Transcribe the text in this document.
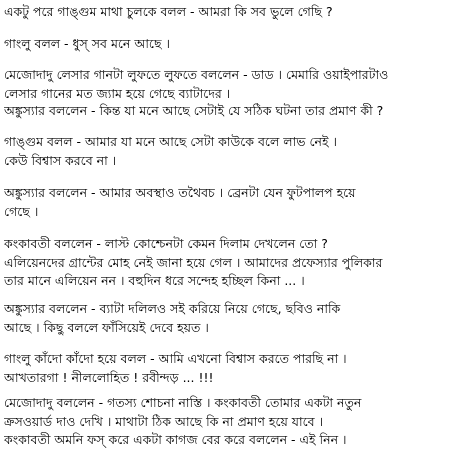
একটু পরে গাঙ্গুম মাথা চুলকে বলল - আমরা কি সব ভুলে গেছি ?
গাংলু বলল - ধুস্ সব মনে আছে ।
মেজোদাদু লেসার গানটা লুফতে লুফতে বললেন - ডাড । মেমারি ওয়াইপারটাও
লেসার গানের মত জ্যাম হয়ে গেছে ব্যাটাদের ।
অঙ্কুস্যার বললেন - কিন্ত যা মনে আছে সেটাই যে সঠিক ঘটনা তার প্রমাণ কী ?
গাঙ্গুম বলল - আমার যা মনে আছে সেটা কাউকে বলে লাভ নেই ।
কেউ বিশ্বাস করবে না ।
অঙ্কুস্যার বললেন - আমার অবস্থাও তথৈবচ । ব্রেনটা যেন ফুটপালপ হয়ে
গেছে ।
কংকাবতী বললেন - লাস্ট কোশ্চেনটা কেমন দিলাম দেখলেন তো ?
এলিয়েনদের গ্রান্টের মোহ নেই জানা হয়ে গেল । আমাদের প্রফেস্যার পুলিকার
তার মানে এলিয়েন নন । বহুদিন ধরে সন্দেহ হচ্ছিল কিনা ... ।
অঙ্কুস্যার বললেন - ব্যাটা দলিলও সই করিয়ে নিয়ে গেছে, ছবিও নাকি
আছে । কিছু বললে ফাঁসিয়েই দেবে হয়ত ।
গাংলু কাঁদো কাঁদো হয়ে বলল - আমি এখনো বিশ্বাস করতে পারছি না ।
আখতারগা ! নীললোহিত ! রবীন্দড় ... !!!
মেজোদাদু বললেন - গতস্য শোচনা নাস্তি । কংকাবতী তোমার একটা নতুন
ক্রসওয়ার্ড দাও দেখি । মাথাটা ঠিক আছে কি না প্রমাণ হয়ে যাবে ।
কংকাবতী অমনি ফস্ করে একটা কাগজ বের করে বললেন - এই নিন ।
